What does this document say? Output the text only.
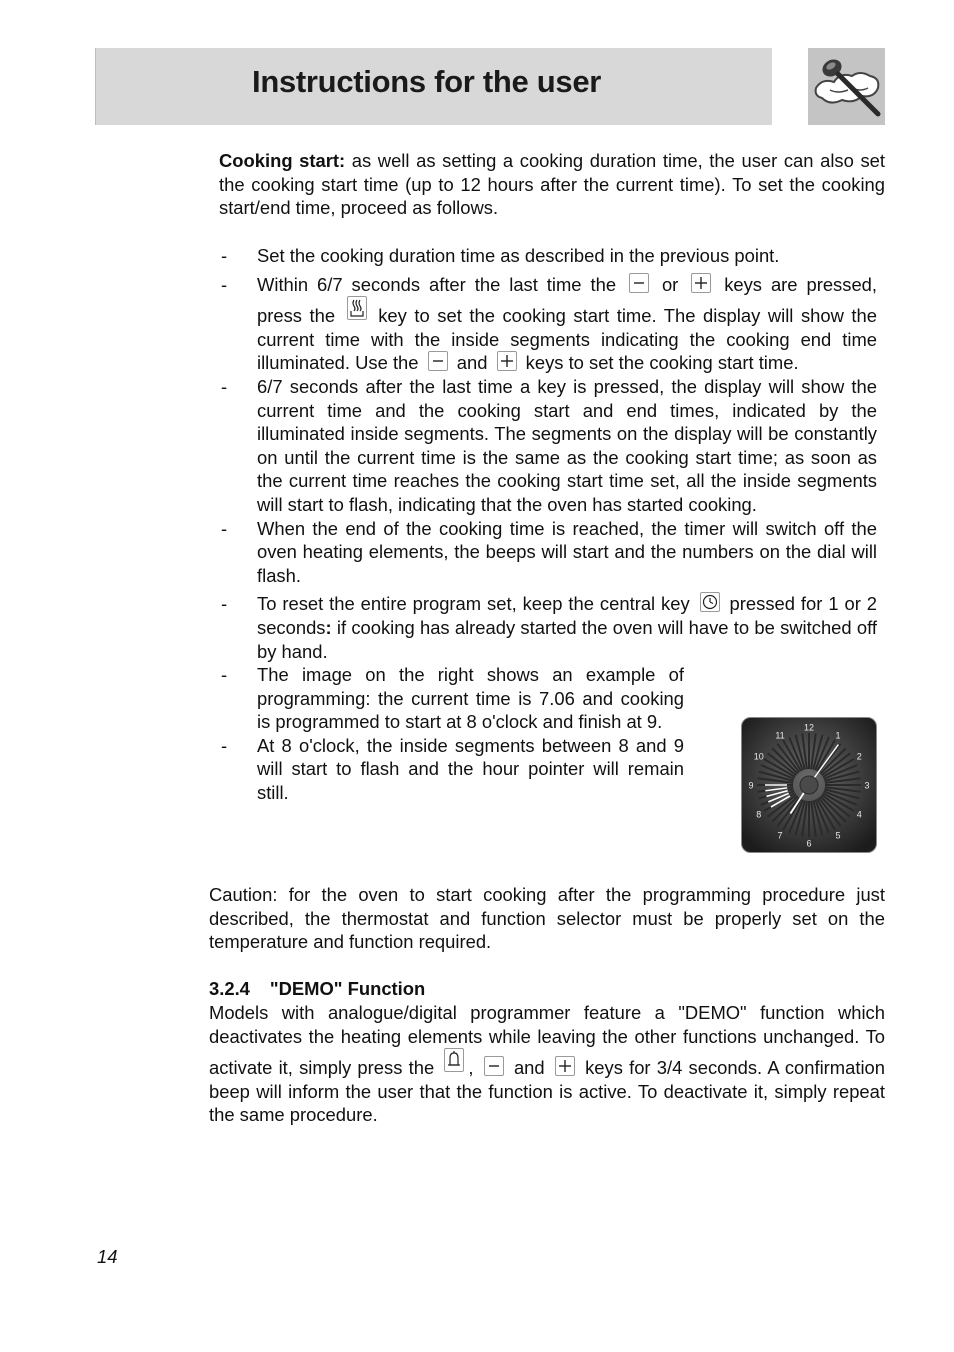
Instructions for the user
Cooking start: as well as setting a cooking duration time, the user can also set the cooking start time (up to 12 hours after the current time). To set the cooking start/end time, proceed as follows.
- Set the cooking duration time as described in the previous point.
- Within 6/7 seconds after the last time the
or
keys are pressed, press the
key to set the cooking start time. The display will show the current time with the inside segments indicating the cooking end time illuminated. Use the
and
keys to set the cooking start time.
- 6/7 seconds after the last time a key is pressed, the display will show the current time and the cooking start and end times, indicated by the illuminated inside segments. The segments on the display will be constantly on until the current time is the same as the cooking start time; as soon as the current time reaches the cooking start time set, all the inside segments will start to flash, indicating that the oven has started cooking.
- When the end of the cooking time is reached, the timer will switch off the oven heating elements, the beeps will start and the numbers on the dial will flash.
- To reset the entire program set, keep the central key
pressed for 1 or 2 seconds: if cooking has already started the oven will have to be switched off by hand.
- The image on the right shows an example of programming: the current time is 7.06 and cooking is programmed to start at 8 o'clock and finish at 9.
- At 8 o'clock, the inside segments between 8 and 9 will start to flash and the hour pointer will remain still.
12
1
2
3
4
5
6
7
8
9
10
11
Caution: for the oven to start cooking after the programming procedure just described, the thermostat and function selector must be properly set on the temperature and function required.
3.2.4 "DEMO" Function
Models with analogue/digital programmer feature a "DEMO" function which deactivates the heating elements while leaving the other functions unchanged. To activate it, simply press the
,
and
keys for 3/4 seconds. A confirmation beep will inform the user that the function is active. To deactivate it, simply repeat the same procedure.
14
